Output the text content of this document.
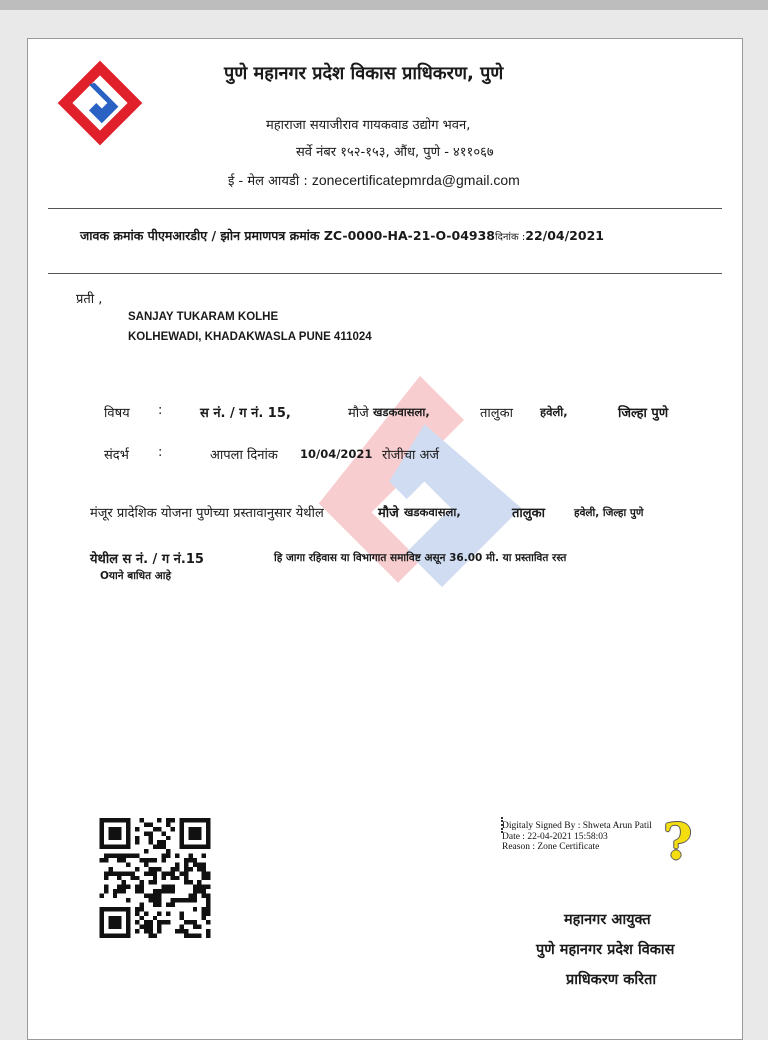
पुणे महानगर प्रदेश विकास प्राधिकरण, पुणे
महाराजा सयाजीराव गायकवाड उद्योग भवन,
सर्वे नंबर १५२-१५३, औंध, पुणे - ४११०६७
ई - मेल आयडी : zonecertificatepmrda@gmail.com
जावक क्रमांक पीएमआरडीए / झोन प्रमाणपत्र क्रमांक ZC-0000-HA-21-O-04938दिनांक :22/04/2021
प्रती ,
SANJAY TUKARAM KOLHE
KOLHEWADI, KHADAKWASLA PUNE 411024
विषय :	स नं. / ग नं. 15,	मौजे खडकवासला,	तालुका हवेली,	जिल्हा पुणे
संदर्भ :	आपला दिनांक 10/04/2021 रोजीचा अर्ज
मंजूर प्रादेशिक योजना पुणेच्या प्रस्तावानुसार येथील	मौजे खडकवासला,	तालुका	हवेली, जिल्हा पुणे
येथील स नं. / ग नं.15	हि जागा रहिवास या विभागात समाविष्ट असून 36.00 मी. या प्रस्तावित रस्त
Oयाने बाधित आहे
Digitaly Signed By : Shweta Arun Patil
Date : 22-04-2021 15:58:03
Reason : Zone Certificate	?
महानगर आयुक्त
पुणे महानगर प्रदेश विकास
प्राधिकरण करिता
